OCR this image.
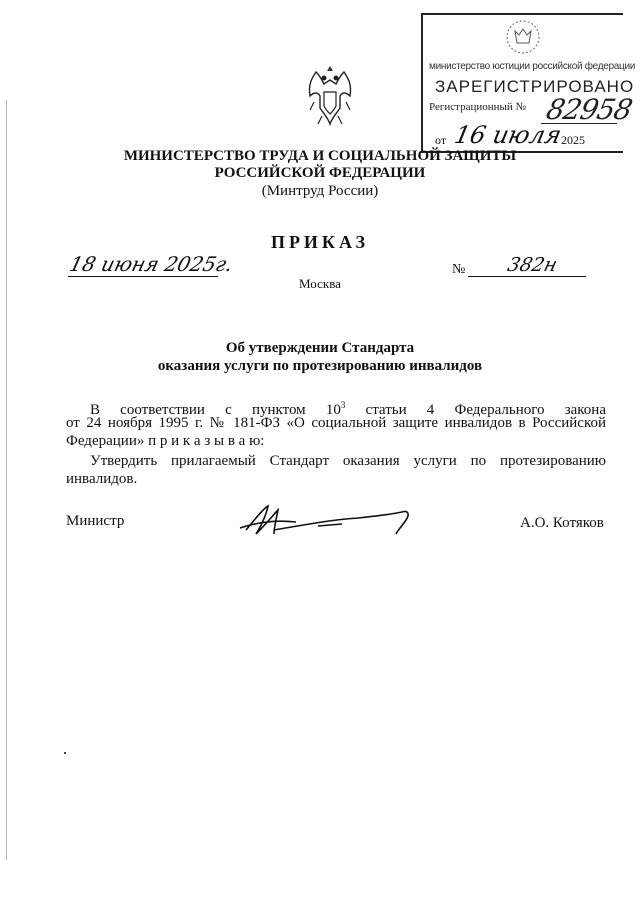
министерство юстиции российской федерации
ЗАРЕГИСТРИРОВАНО
Регистрационный № 82958
от 16 июля
2025
МИНИСТЕРСТВО ТРУДА И СОЦИАЛЬНОЙ ЗАЩИТЫ
РОССИЙСКОЙ ФЕДЕРАЦИИ
(Минтруд России)
ПРИКАЗ
18 июня 2025г.	№ 382н
Москва
Об утверждении Стандарта
оказания услуги по протезированию инвалидов
В соответствии с пунктом $10^3$ статьи 4 Федерального закона
от 24 ноября 1995 г. № 181-ФЗ «О социальной защите инвалидов в Российской
Федерации» п р и к а з ы в а ю:
Утвердить прилагаемый Стандарт оказания услуги по протезированию
инвалидов.
Министр	А.О. Котяков
